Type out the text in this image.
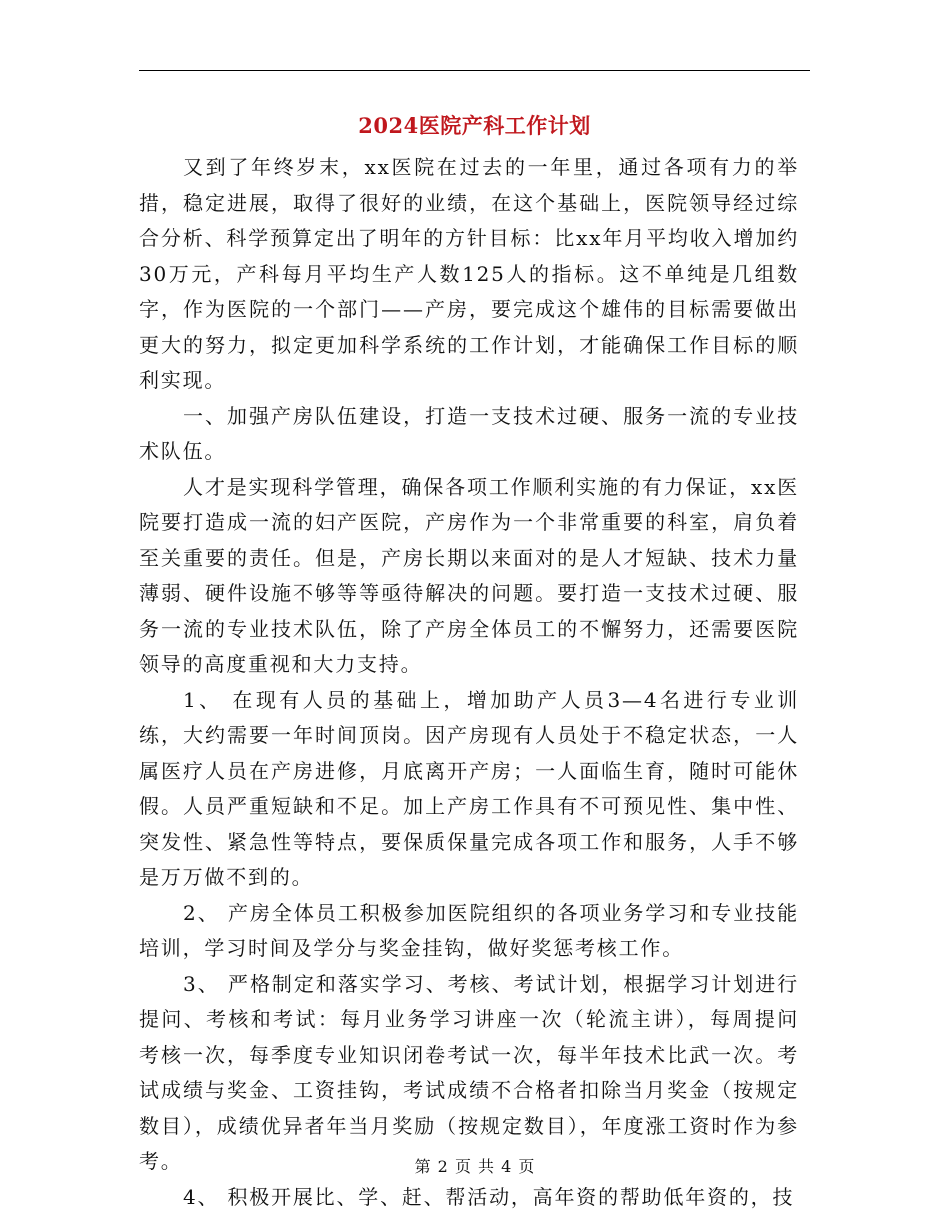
2024医院产科工作计划

又到了年终岁末，xx医院在过去的一年里，通过各项有力的举措，稳定进展，取得了很好的业绩，在这个基础上，医院领导经过综合分析、科学预算定出了明年的方针目标：比xx年月平均收入增加约30万元，产科每月平均生产人数125人的指标。这不单纯是几组数字，作为医院的一个部门——产房，要完成这个雄伟的目标需要做出更大的努力，拟定更加科学系统的工作计划，才能确保工作目标的顺利实现。

一、加强产房队伍建设，打造一支技术过硬、服务一流的专业技术队伍。

人才是实现科学管理，确保各项工作顺利实施的有力保证，xx医院要打造成一流的妇产医院，产房作为一个非常重要的科室，肩负着至关重要的责任。但是，产房长期以来面对的是人才短缺、技术力量薄弱、硬件设施不够等等亟待解决的问题。要打造一支技术过硬、服务一流的专业技术队伍，除了产房全体员工的不懈努力，还需要医院领导的高度重视和大力支持。

1、 在现有人员的基础上，增加助产人员3—4名进行专业训练，大约需要一年时间顶岗。因产房现有人员处于不稳定状态，一人属医疗人员在产房进修，月底离开产房；一人面临生育，随时可能休假。人员严重短缺和不足。加上产房工作具有不可预见性、集中性、突发性、紧急性等特点，要保质保量完成各项工作和服务，人手不够是万万做不到的。

2、 产房全体员工积极参加医院组织的各项业务学习和专业技能培训，学习时间及学分与奖金挂钩，做好奖惩考核工作。

3、 严格制定和落实学习、考核、考试计划，根据学习计划进行提问、考核和考试：每月业务学习讲座一次（轮流主讲），每周提问考核一次，每季度专业知识闭卷考试一次，每半年技术比武一次。考试成绩与奖金、工资挂钩，考试成绩不合格者扣除当月奖金（按规定数目），成绩优异者年当月奖励（按规定数目），年度涨工资时作为参考。

4、 积极开展比、学、赶、帮活动，高年资的帮助低年资的，技

第 2 页 共 4 页
